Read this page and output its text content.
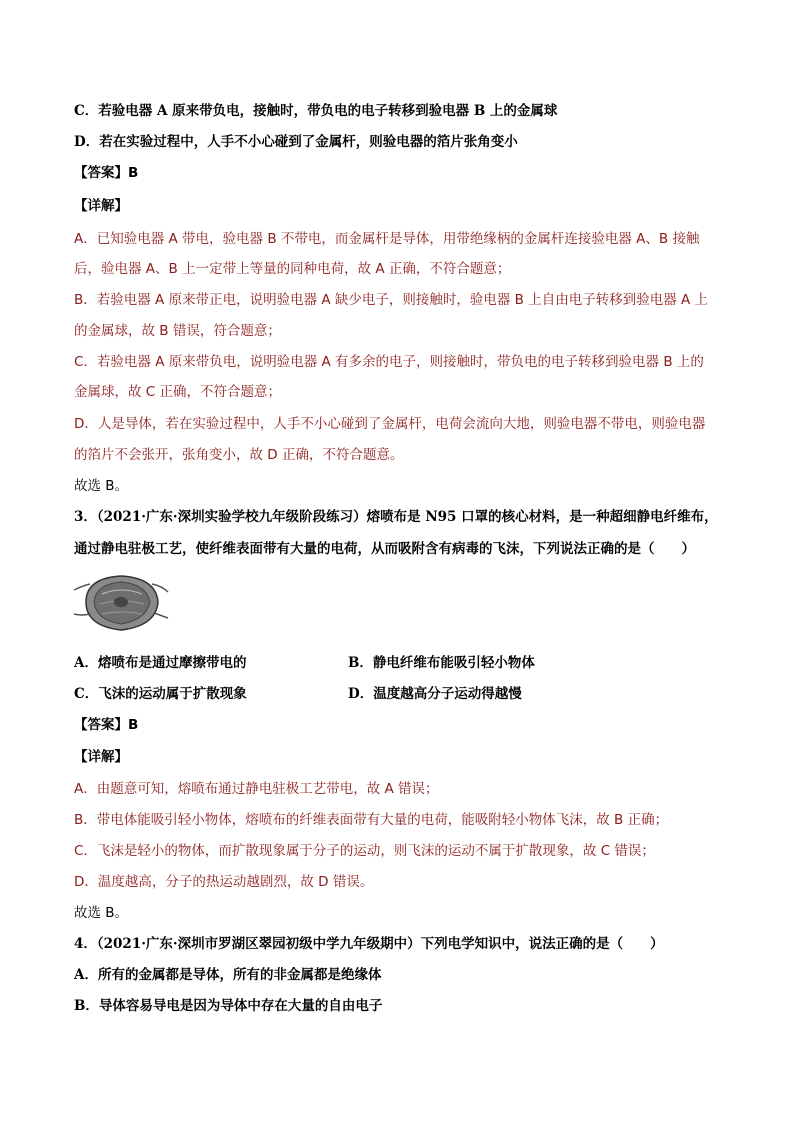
C．若验电器 A 原来带负电，接触时，带负电的电子转移到验电器 B 上的金属球
D．若在实验过程中，人手不小心碰到了金属杆，则验电器的箔片张角变小
【答案】B
【详解】
A．已知验电器 A 带电，验电器 B 不带电，而金属杆是导体，用带绝缘柄的金属杆连接验电器 A、B 接触
后，验电器 A、B 上一定带上等量的同种电荷，故 A 正确，不符合题意；
B．若验电器 A 原来带正电，说明验电器 A 缺少电子，则接触时，验电器 B 上自由电子转移到验电器 A 上
的金属球，故 B 错误，符合题意；
C．若验电器 A 原来带负电，说明验电器 A 有多余的电子，则接触时，带负电的电子转移到验电器 B 上的
金属球，故 C 正确，不符合题意；
D．人是导体，若在实验过程中，人手不小心碰到了金属杆，电荷会流向大地，则验电器不带电，则验电器
的箔片不会张开，张角变小，故 D 正确，不符合题意。
故选 B。
3．（2021·广东·深圳实验学校九年级阶段练习）熔喷布是 N95 口罩的核心材料，是一种超细静电纤维布，
通过静电驻极工艺，使纤维表面带有大量的电荷，从而吸附含有病毒的飞沫，下列说法正确的是（　　）
A．熔喷布是通过摩擦带电的	B．静电纤维布能吸引轻小物体
C．飞沫的运动属于扩散现象	D．温度越高分子运动得越慢
【答案】B
【详解】
A．由题意可知，熔喷布通过静电驻极工艺带电，故 A 错误；
B．带电体能吸引轻小物体，熔喷布的纤维表面带有大量的电荷，能吸附轻小物体飞沫，故 B 正确；
C．飞沫是轻小的物体，而扩散现象属于分子的运动，则飞沫的运动不属于扩散现象，故 C 错误；
D．温度越高，分子的热运动越剧烈，故 D 错误。
故选 B。
4．（2021·广东·深圳市罗湖区翠园初级中学九年级期中）下列电学知识中，说法正确的是（　　）
A．所有的金属都是导体，所有的非金属都是绝缘体
B．导体容易导电是因为导体中存在大量的自由电子
